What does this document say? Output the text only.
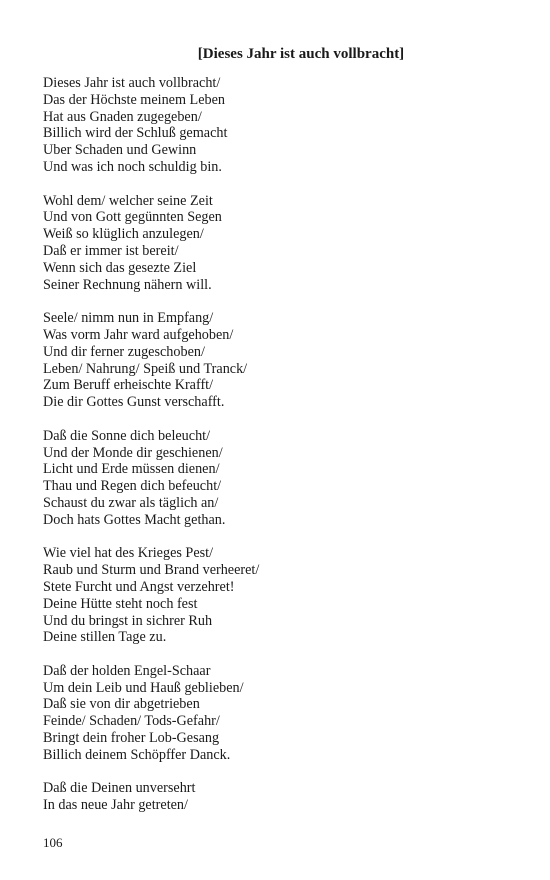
[Dieses Jahr ist auch vollbracht]
Dieses Jahr ist auch vollbracht/
Das der Höchste meinem Leben
Hat aus Gnaden zugegeben/
Billich wird der Schluß gemacht
Uber Schaden und Gewinn
Und was ich noch schuldig bin.
Wohl dem/ welcher seine Zeit
Und von Gott gegünnten Segen
Weiß so klüglich anzulegen/
Daß er immer ist bereit/
Wenn sich das gesezte Ziel
Seiner Rechnung nähern will.
Seele/ nimm nun in Empfang/
Was vorm Jahr ward aufgehoben/
Und dir ferner zugeschoben/
Leben/ Nahrung/ Speiß und Tranck/
Zum Beruff erheischte Krafft/
Die dir Gottes Gunst verschafft.
Daß die Sonne dich beleucht/
Und der Monde dir geschienen/
Licht und Erde müssen dienen/
Thau und Regen dich befeucht/
Schaust du zwar als täglich an/
Doch hats Gottes Macht gethan.
Wie viel hat des Krieges Pest/
Raub und Sturm und Brand verheeret/
Stete Furcht und Angst verzehret!
Deine Hütte steht noch fest
Und du bringst in sichrer Ruh
Deine stillen Tage zu.
Daß der holden Engel-Schaar
Um dein Leib und Hauß geblieben/
Daß sie von dir abgetrieben
Feinde/ Schaden/ Tods-Gefahr/
Bringt dein froher Lob-Gesang
Billich deinem Schöpffer Danck.
Daß die Deinen unversehrt
In das neue Jahr getreten/
106
